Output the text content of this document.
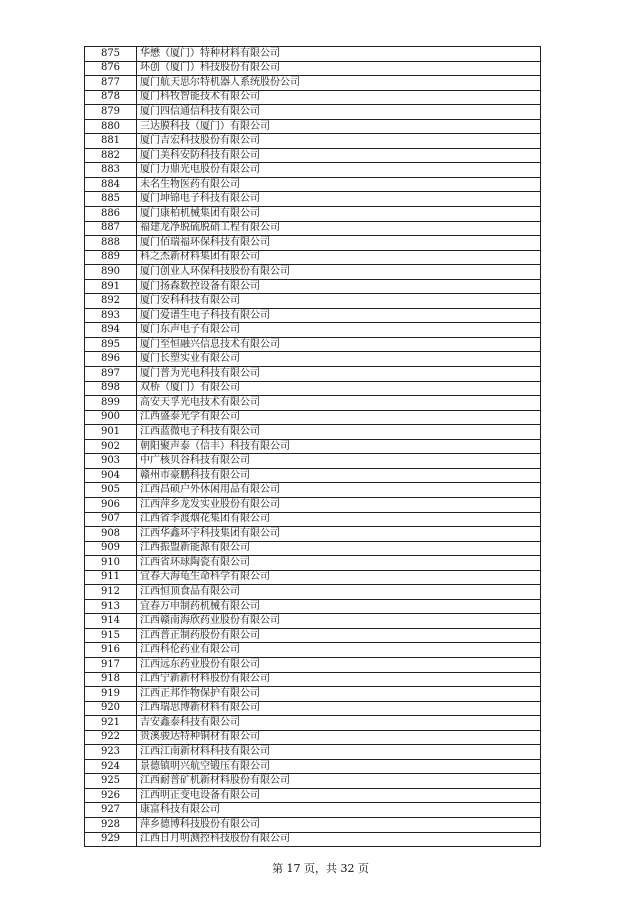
875	华懋（厦门）特种材料有限公司
876	环创（厦门）科技股份有限公司
877	厦门航天思尔特机器人系统股份公司
878	厦门科牧智能技术有限公司
879	厦门四信通信科技有限公司
880	三达膜科技（厦门）有限公司
881	厦门吉宏科技股份有限公司
882	厦门美科安防科技有限公司
883	厦门力鼎光电股份有限公司
884	未名生物医药有限公司
885	厦门坤锦电子科技有限公司
886	厦门康柏机械集团有限公司
887	福建龙净脱硫脱硝工程有限公司
888	厦门佰瑞福环保科技有限公司
889	科之杰新材料集团有限公司
890	厦门创业人环保科技股份有限公司
891	厦门扬森数控设备有限公司
892	厦门安科科技有限公司
893	厦门爱谱生电子科技有限公司
894	厦门东声电子有限公司
895	厦门至恒融兴信息技术有限公司
896	厦门长塑实业有限公司
897	厦门普为光电科技有限公司
898	双桥（厦门）有限公司
899	高安天孚光电技术有限公司
900	江西盛泰光学有限公司
901	江西蓝微电子科技有限公司
902	朝阳聚声泰（信丰）科技有限公司
903	中广核贝谷科技有限公司
904	赣州市豪鹏科技有限公司
905	江西昌硕户外休闲用品有限公司
906	江西萍乡龙发实业股份有限公司
907	江西省李渡烟花集团有限公司
908	江西华鑫环宇科技集团有限公司
909	江西振盟新能源有限公司
910	江西省环球陶瓷有限公司
911	宜春大海龟生命科学有限公司
912	江西恒顶食品有限公司
913	宜春万申制药机械有限公司
914	江西赣南海欣药业股份有限公司
915	江西普正制药股份有限公司
916	江西科伦药业有限公司
917	江西远东药业股份有限公司
918	江西宁新新材料股份有限公司
919	江西正邦作物保护有限公司
920	江西瑞思博新材料有限公司
921	吉安鑫泰科技有限公司
922	贵溪骏达特种铜材有限公司
923	江西江南新材料科技有限公司
924	景德镇明兴航空锻压有限公司
925	江西耐普矿机新材料股份有限公司
926	江西明正变电设备有限公司
927	康富科技有限公司
928	萍乡德博科技股份有限公司
929	江西日月明测控科技股份有限公司
第 17 页，共 32 页
